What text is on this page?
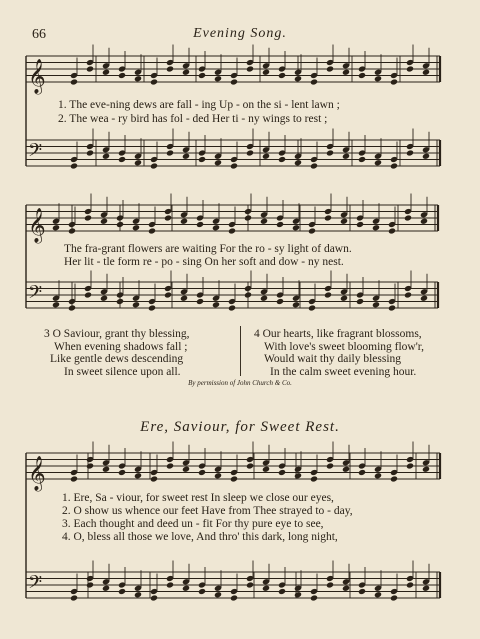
66	Evening Song.
𝄞
𝄢
𝄞
𝄢
𝄞
𝄢
1. The eve-ning dews are fall - ing Up - on the si - lent lawn ;
2. The wea - ry bird has fol - ded Her ti - ny wings to rest ;
The fra-grant flowers are waiting For the ro - sy light of dawn.
Her lit - tle form re - po - sing On her soft and dow - ny nest.
3 O Saviour, grant thy blessing,
When evening shadows fall ;
Like gentle dews descending
In sweet silence upon all.
4 Our hearts, like fragrant blossoms,
With love's sweet blooming flow'r,
Would wait thy daily blessing
In the calm sweet evening hour.
By permission of John Church & Co.
Ere, Saviour, for Sweet Rest.
1. Ere, Sa - viour, for sweet rest In sleep we close our eyes,
2. O show us whence our feet Have from Thee strayed to - day,
3. Each thought and deed un - fit For thy pure eye to see,
4. O, bless all those we love, And thro' this dark, long night,
